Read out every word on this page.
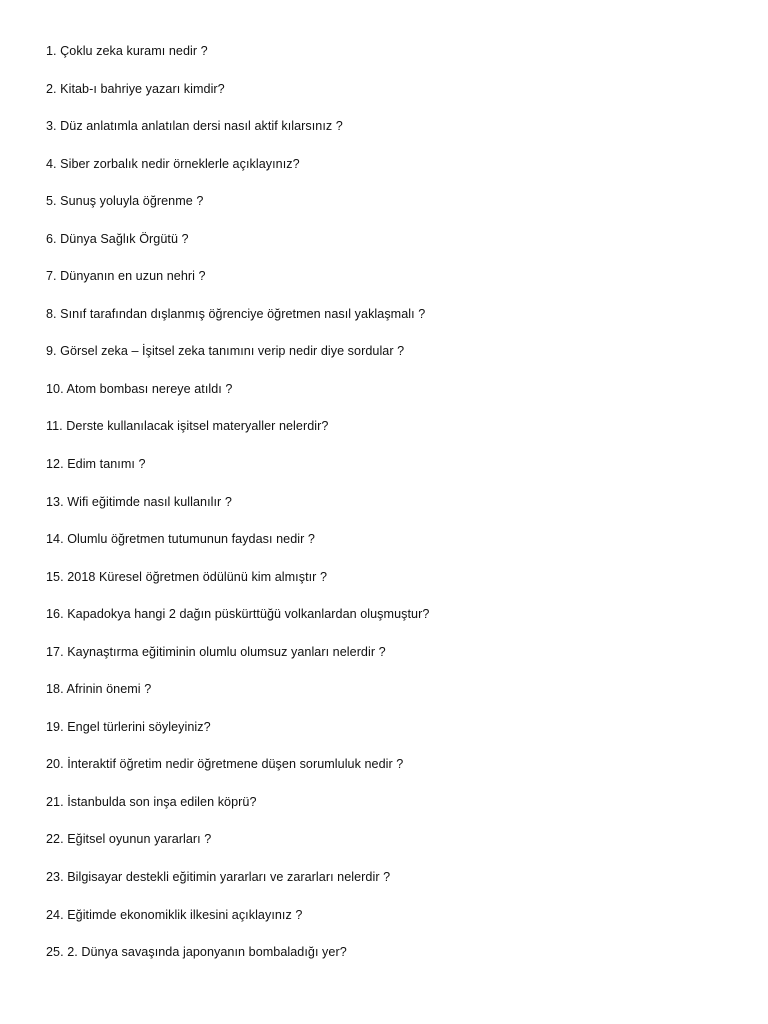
1. Çoklu zeka kuramı nedir ?
2. Kitab-ı bahriye yazarı kimdir?
3. Düz anlatımla anlatılan dersi nasıl aktif kılarsınız ?
4. Siber zorbalık nedir örneklerle açıklayınız?
5. Sunuş yoluyla öğrenme ?
6. Dünya Sağlık Örgütü ?
7. Dünyanın en uzun nehri ?
8. Sınıf tarafından dışlanmış öğrenciye öğretmen nasıl yaklaşmalı ?
9. Görsel zeka – İşitsel zeka tanımını verip nedir diye sordular ?
10. Atom bombası nereye atıldı ?
11. Derste kullanılacak işitsel materyaller nelerdir?
12. Edim tanımı ?
13. Wifi eğitimde nasıl kullanılır ?
14. Olumlu öğretmen tutumunun faydası nedir ?
15. 2018 Küresel öğretmen ödülünü kim almıştır ?
16. Kapadokya hangi 2 dağın püskürttüğü volkanlardan oluşmuştur?
17. Kaynaştırma eğitiminin olumlu olumsuz yanları nelerdir ?
18. Afrinin önemi ?
19. Engel türlerini söyleyiniz?
20. İnteraktif öğretim nedir öğretmene düşen sorumluluk nedir ?
21. İstanbulda son inşa edilen köprü?
22. Eğitsel oyunun yararları ?
23. Bilgisayar destekli eğitimin yararları ve zararları nelerdir ?
24. Eğitimde ekonomiklik ilkesini açıklayınız ?
25. 2. Dünya savaşında japonyanın bombaladığı yer?
